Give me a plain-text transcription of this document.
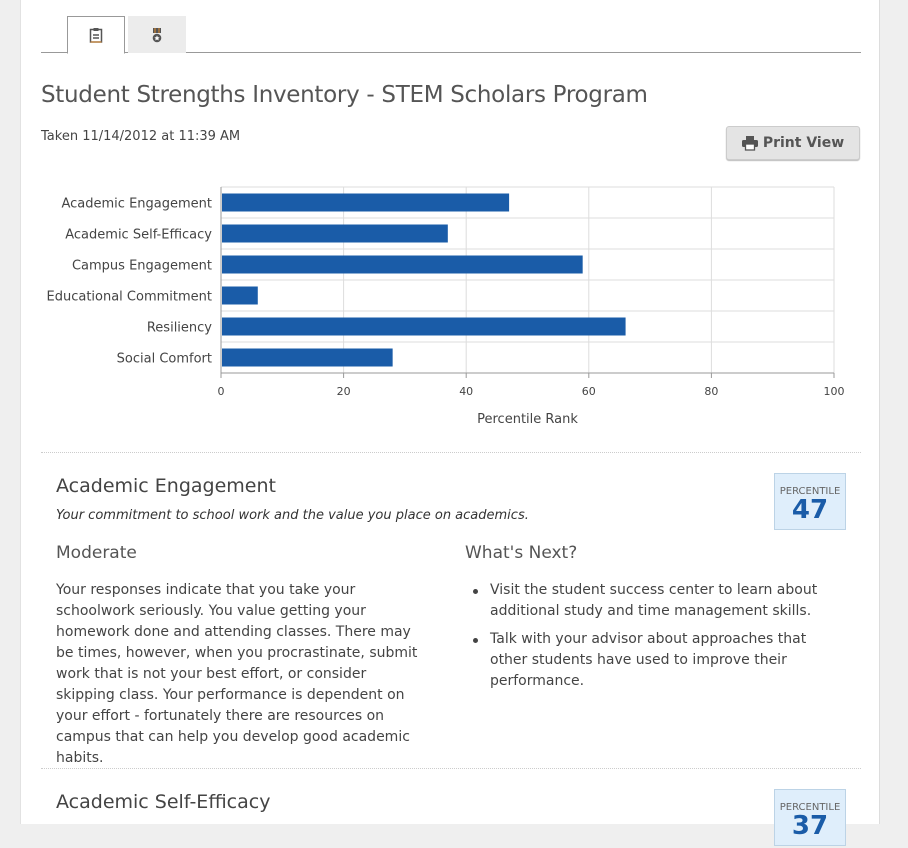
Student Strengths Inventory - STEM Scholars Program
Taken 11/14/2012 at 11:39 AM	Print View
0	20	40	60	80	100
Academic Engagement
Academic Self-Efficacy
Campus Engagement
Educational Commitment
Resiliency
Social Comfort
Percentile Rank
Academic Engagement
Your commitment to school work and the value you place on academics.
PERCENTILE
47
Moderate	What's Next?
Your responses indicate that you take your schoolwork seriously. You value getting your homework done and attending classes. There may be times, however, when you procrastinate, submit work that is not your best effort, or consider skipping class. Your performance is dependent on your effort - fortunately there are resources on campus that can help you develop good academic habits.
Visit the student success center to learn about additional study and time management skills.
Talk with your advisor about approaches that other students have used to improve their performance.
Academic Self-Efficacy	PERCENTILE
37
